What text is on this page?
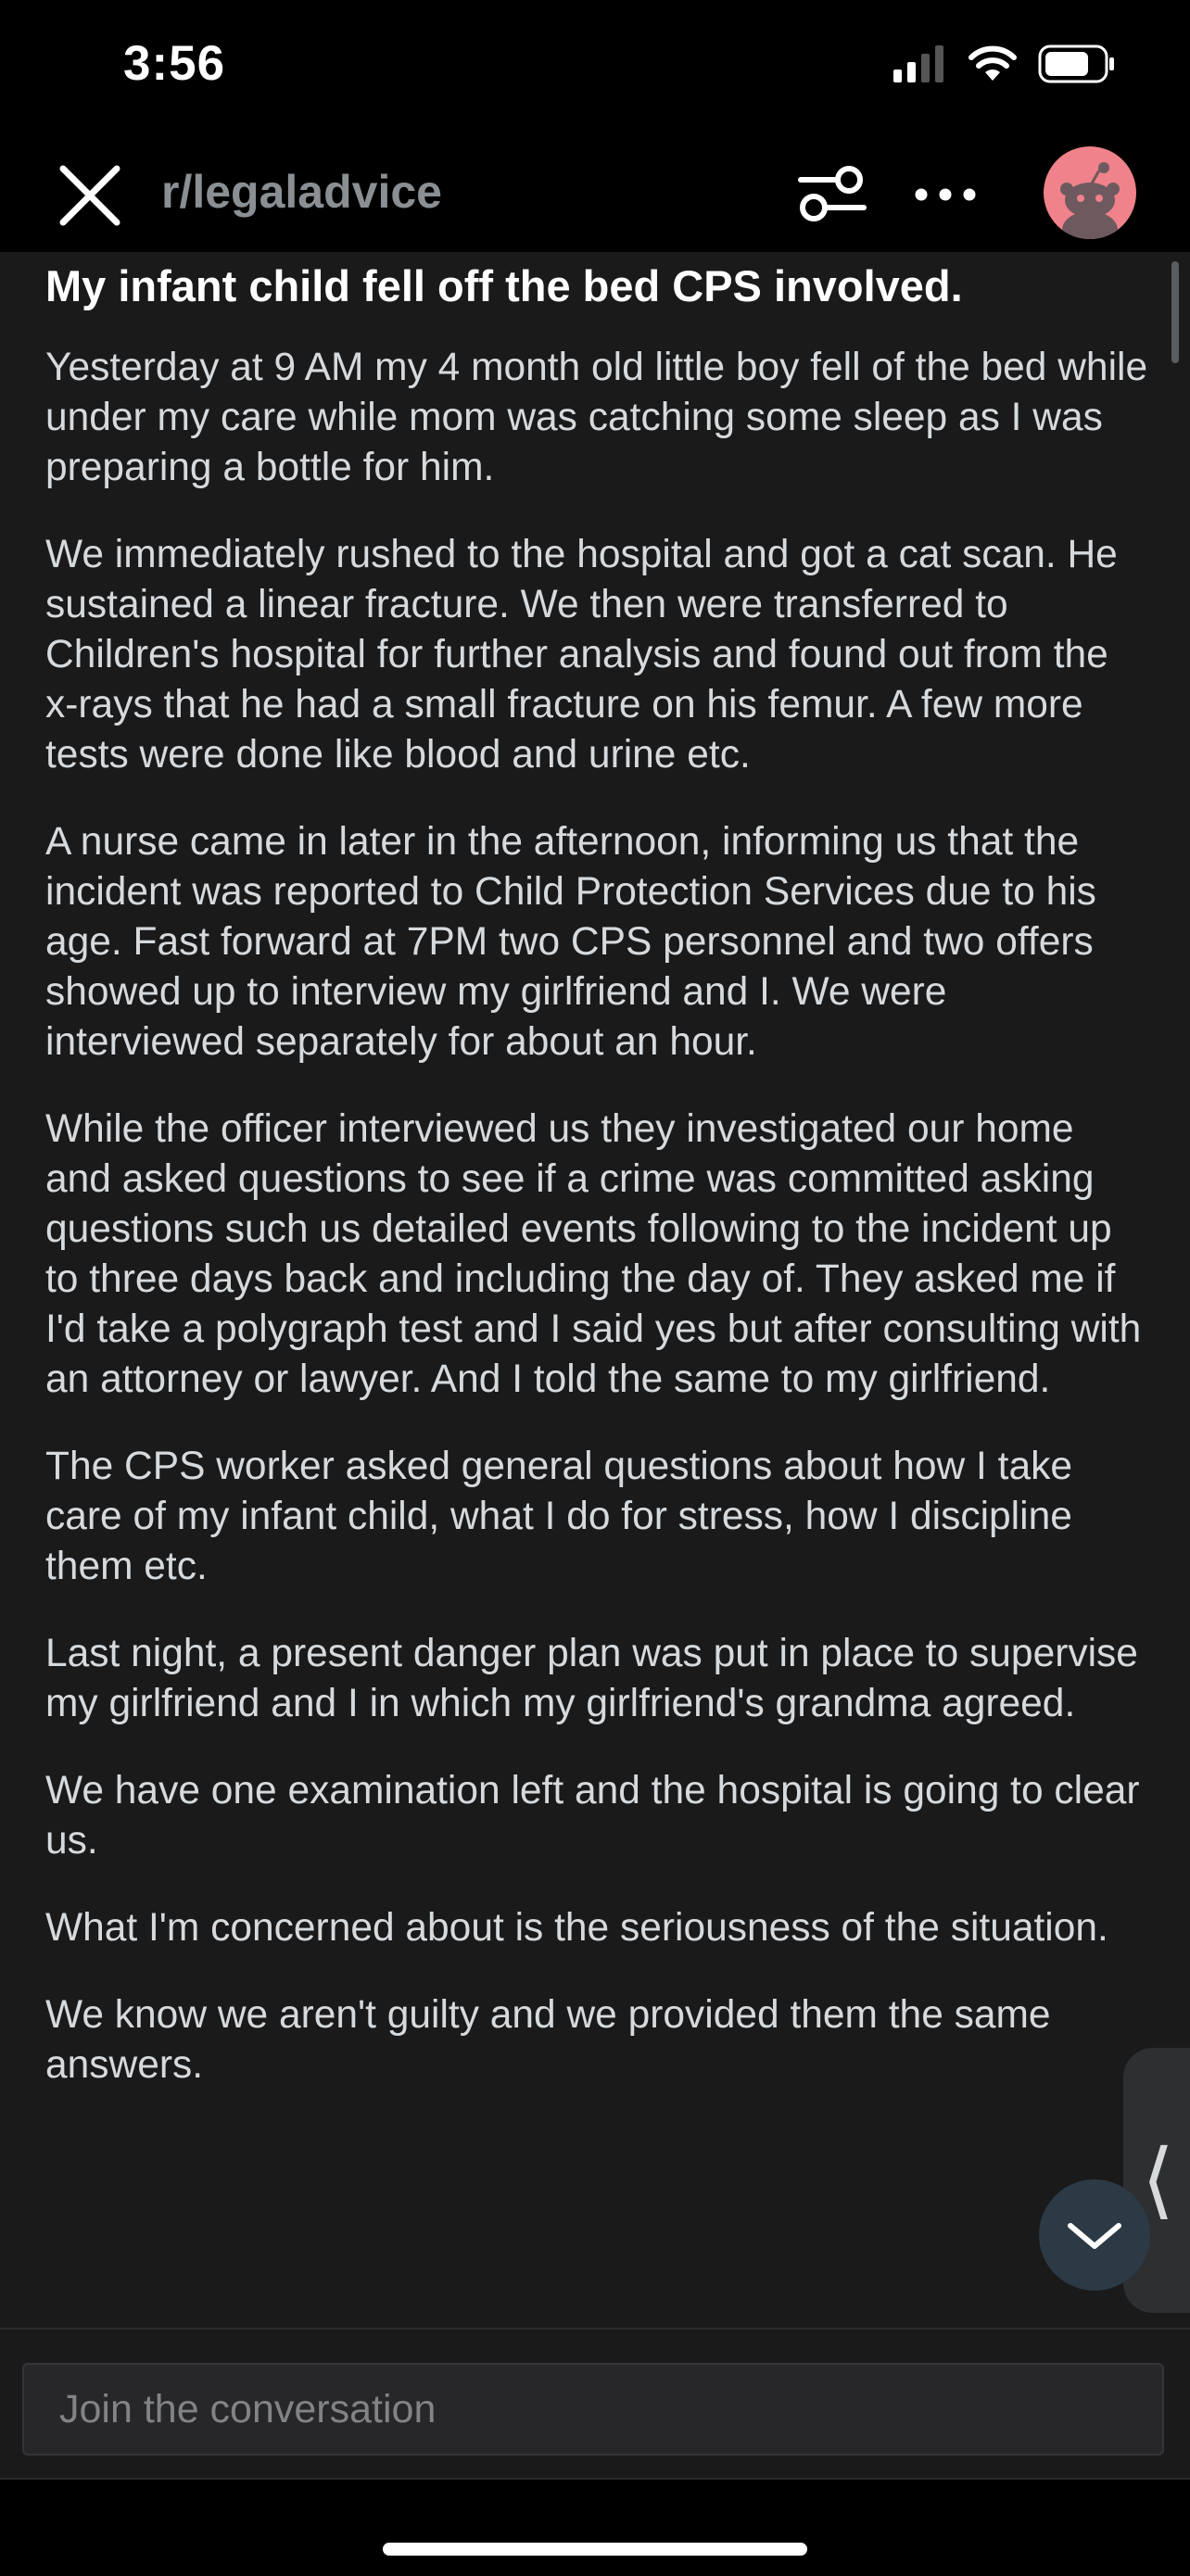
3:56
r/legaladvice
My infant child fell off the bed CPS involved.

Yesterday at 9 AM my 4 month old little boy fell of the bed while under my care while mom was catching some sleep as I was preparing a bottle for him.

We immediately rushed to the hospital and got a cat scan. He sustained a linear fracture. We then were transferred to Children's hospital for further analysis and found out from the x-rays that he had a small fracture on his femur. A few more tests were done like blood and urine etc.

A nurse came in later in the afternoon, informing us that the incident was reported to Child Protection Services due to his age. Fast forward at 7PM two CPS personnel and two offers showed up to interview my girlfriend and I. We were interviewed separately for about an hour.

While the officer interviewed us they investigated our home and asked questions to see if a crime was committed asking questions such us detailed events following to the incident up to three days back and including the day of. They asked me if I'd take a polygraph test and I said yes but after consulting with an attorney or lawyer. And I told the same to my girlfriend.

The CPS worker asked general questions about how I take care of my infant child, what I do for stress, how I discipline them etc.

Last night, a present danger plan was put in place to supervise my girlfriend and I in which my girlfriend's grandma agreed.

We have one examination left and the hospital is going to clear us.

What I'm concerned about is the seriousness of the situation.

We know we aren't guilty and we provided them the same answers.

⟨
Join the conversation
